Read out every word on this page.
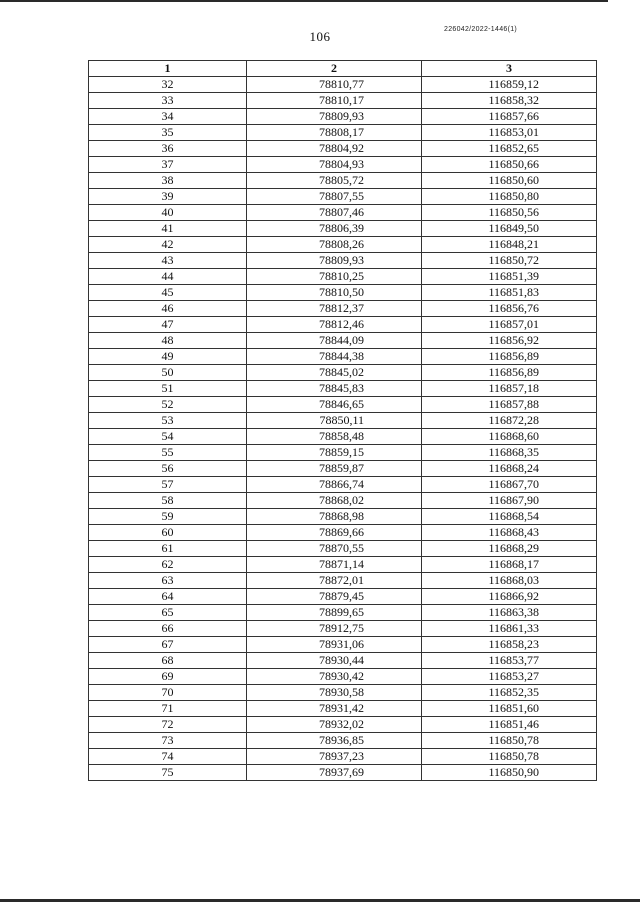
106	226042/2022-1446(1)
1	2	3
32	78810,77	116859,12
33	78810,17	116858,32
34	78809,93	116857,66
35	78808,17	116853,01
36	78804,92	116852,65
37	78804,93	116850,66
38	78805,72	116850,60
39	78807,55	116850,80
40	78807,46	116850,56
41	78806,39	116849,50
42	78808,26	116848,21
43	78809,93	116850,72
44	78810,25	116851,39
45	78810,50	116851,83
46	78812,37	116856,76
47	78812,46	116857,01
48	78844,09	116856,92
49	78844,38	116856,89
50	78845,02	116856,89
51	78845,83	116857,18
52	78846,65	116857,88
53	78850,11	116872,28
54	78858,48	116868,60
55	78859,15	116868,35
56	78859,87	116868,24
57	78866,74	116867,70
58	78868,02	116867,90
59	78868,98	116868,54
60	78869,66	116868,43
61	78870,55	116868,29
62	78871,14	116868,17
63	78872,01	116868,03
64	78879,45	116866,92
65	78899,65	116863,38
66	78912,75	116861,33
67	78931,06	116858,23
68	78930,44	116853,77
69	78930,42	116853,27
70	78930,58	116852,35
71	78931,42	116851,60
72	78932,02	116851,46
73	78936,85	116850,78
74	78937,23	116850,78
75	78937,69	116850,90
